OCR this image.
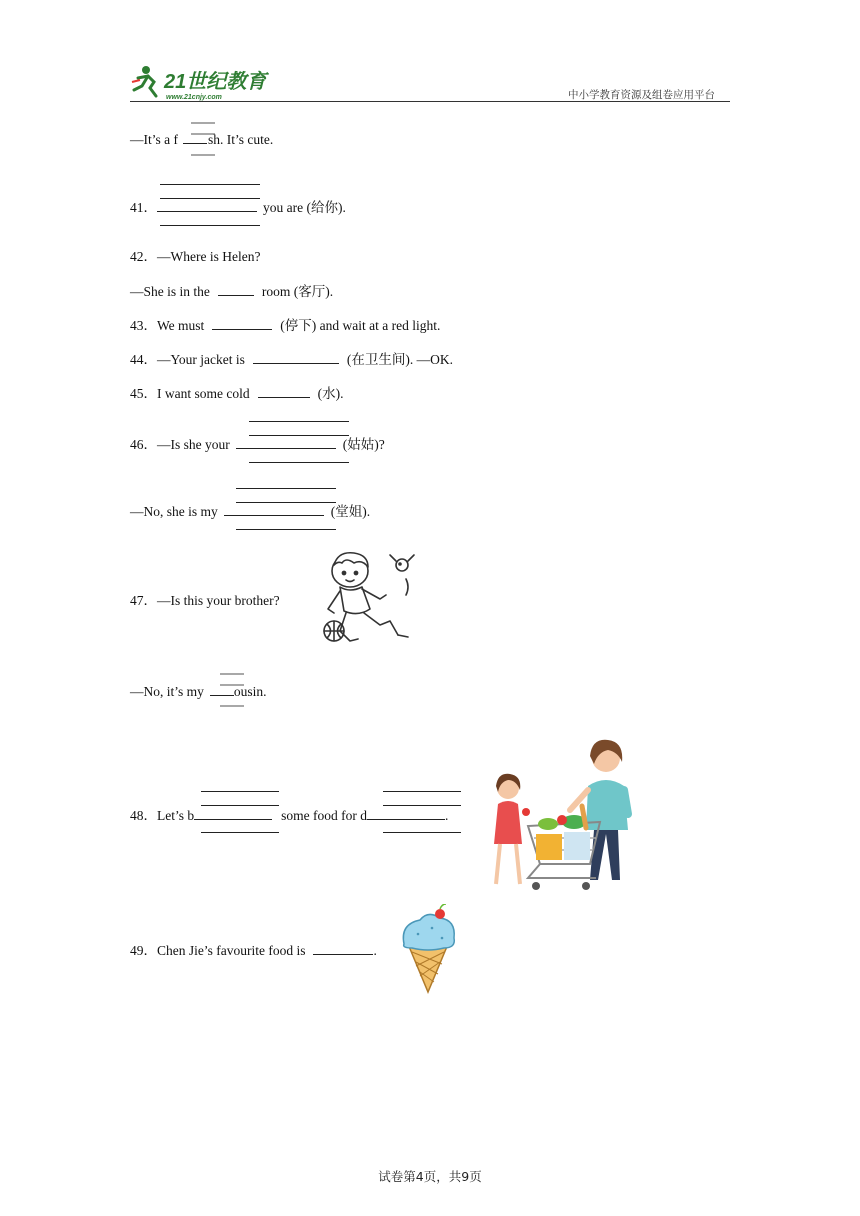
21世纪教育
www.21cnjy.com	中小学教育资源及组卷应用平台
—It’s a f sh. It’s cute.
41．	you are (给你).
42．—Where is Helen?
—She is in the	room (客厅).
43．We must	(停下) and wait at a red light.
44．—Your jacket is	(在卫生间). —OK.
45．I want some cold	(水).
46．—Is she your	(姑姑)?
—No, she is my	(堂姐).
47．—Is this your brother?
—No, it’s my ousin.
48．Let’s b	some food for d	.
49．Chen Jie’s favourite food is	.
试卷第4页，共9页
